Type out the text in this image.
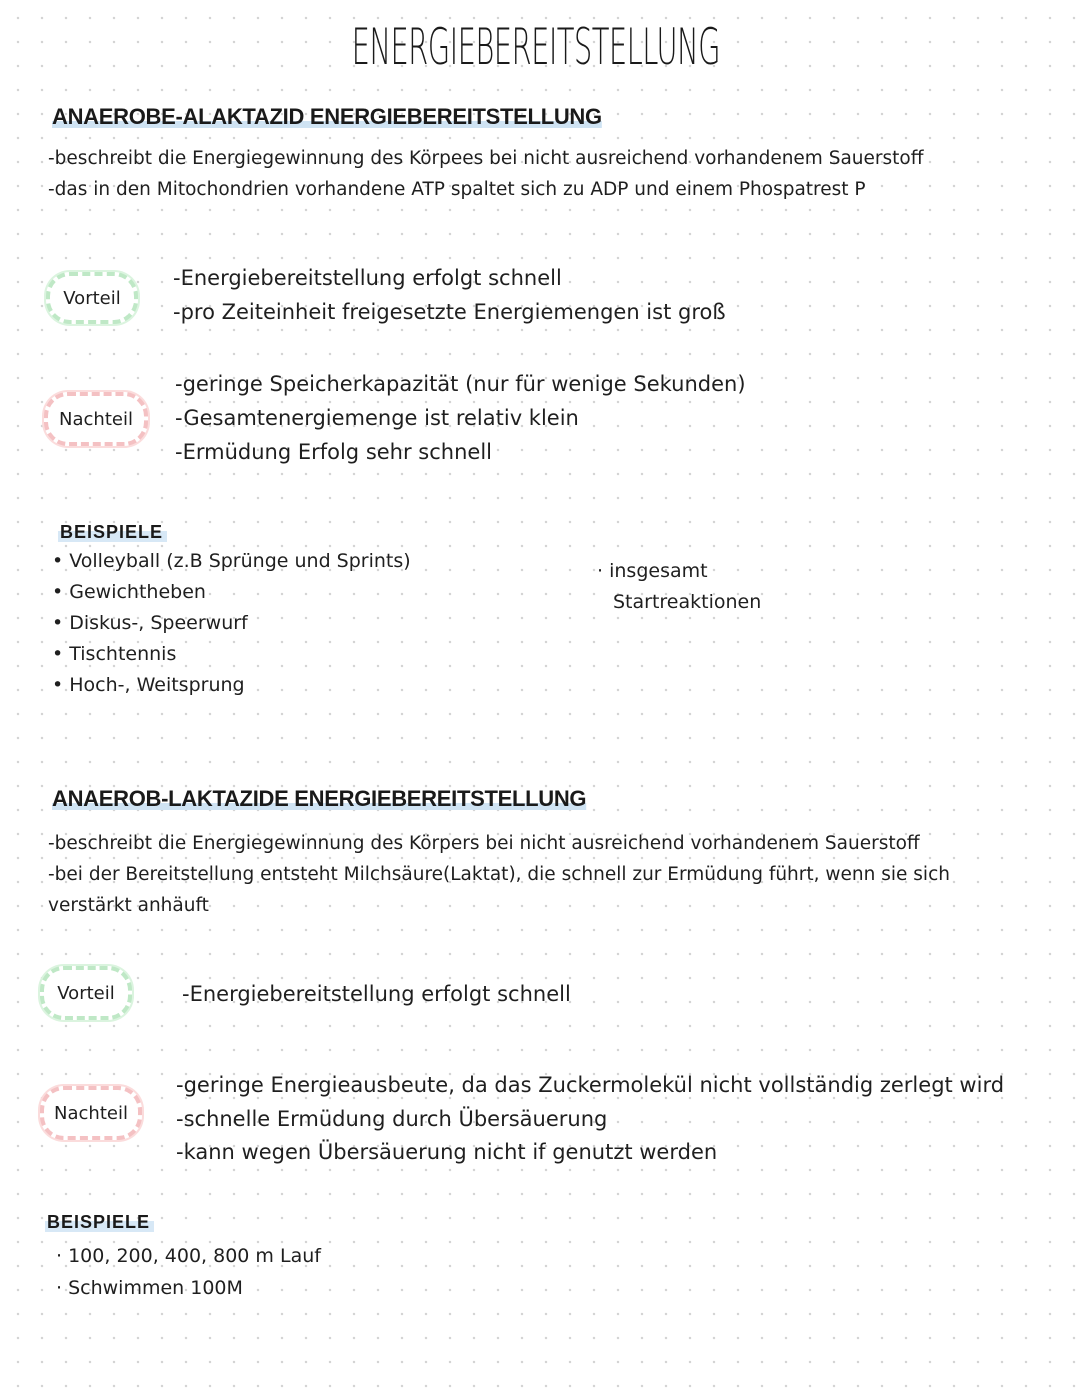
ENERGIEBEREITSTELLUNG
ANAEROBE-ALAKTAZID ENERGIEBEREITSTELLUNG
-beschreibt die Energiegewinnung des Körpees bei nicht ausreichend vorhandenem Sauerstoff
-das in den Mitochondrien vorhandene ATP spaltet sich zu ADP und einem Phospatrest P
Vorteil
-Energiebereitstellung erfolgt schnell
-pro Zeiteinheit freigesetzte Energiemengen ist groß
Nachteil
-geringe Speicherkapazität (nur für wenige Sekunden)
-Gesamtenergiemenge ist relativ klein
-Ermüdung Erfolg sehr schnell
BEISPIELE
• Volleyball (z.B Sprünge und Sprints)
• Gewichtheben
• Diskus-, Speerwurf
• Tischtennis
• Hoch-, Weitsprung
· insgesamt
Startreaktionen
ANAEROB-LAKTAZIDE ENERGIEBEREITSTELLUNG
-beschreibt die Energiegewinnung des Körpers bei nicht ausreichend vorhandenem Sauerstoff
-bei der Bereitstellung entsteht Milchsäure(Laktat), die schnell zur Ermüdung führt, wenn sie sich
verstärkt anhäuft
Vorteil	-Energiebereitstellung erfolgt schnell
Nachteil
-geringe Energieausbeute, da das Zuckermolekül nicht vollständig zerlegt wird
-schnelle Ermüdung durch Übersäuerung
-kann wegen Übersäuerung nicht if genutzt werden
BEISPIELE
· 100, 200, 400, 800 m Lauf
· Schwimmen 100M
